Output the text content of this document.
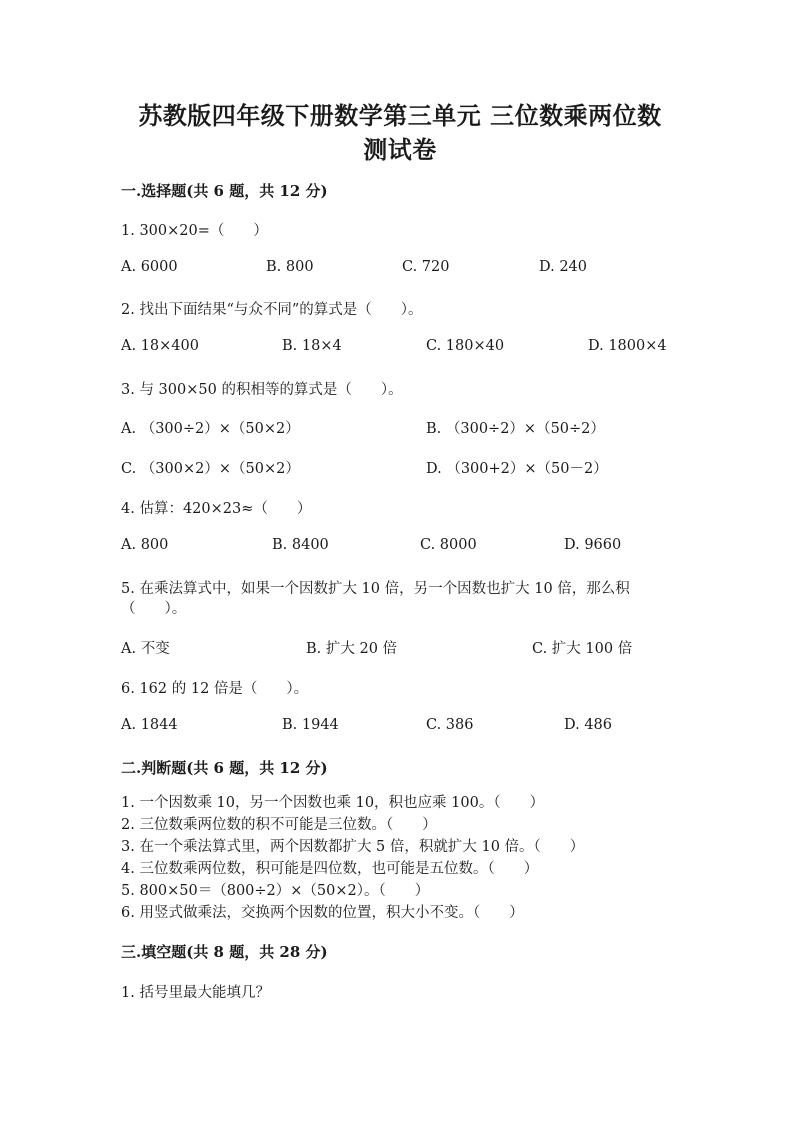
苏教版四年级下册数学第三单元 三位数乘两位数
测试卷
一.选择题(共 6 题，共 12 分)
1. 300×20=（　　）
A. 6000	B. 800	C. 720	D. 240
2. 找出下面结果“与众不同”的算式是（　　）。
A. 18×400	B. 18×4	C. 180×40	D. 1800×4
3. 与 300×50 的积相等的算式是（　　）。
A. （300÷2）×（50×2）	B. （300÷2）×（50÷2）
C. （300×2）×（50×2）	D. （300+2）×（50－2）
4. 估算：420×23≈（　　）
A. 800	B. 8400	C. 8000	D. 9660
5. 在乘法算式中，如果一个因数扩大 10 倍，另一个因数也扩大 10 倍，那么积
（　　）。
A. 不变	B. 扩大 20 倍	C. 扩大 100 倍
6. 162 的 12 倍是（　　）。
A. 1844	B. 1944	C. 386	D. 486
二.判断题(共 6 题，共 12 分)
1. 一个因数乘 10，另一个因数也乘 10，积也应乘 100。（　　）
2. 三位数乘两位数的积不可能是三位数。（　　）
3. 在一个乘法算式里，两个因数都扩大 5 倍，积就扩大 10 倍。（　　）
4. 三位数乘两位数，积可能是四位数，也可能是五位数。（　　）
5. 800×50＝（800÷2）×（50×2）。（　　）
6. 用竖式做乘法，交换两个因数的位置，积大小不变。（　　）
三.填空题(共 8 题，共 28 分)
1. 括号里最大能填几？
